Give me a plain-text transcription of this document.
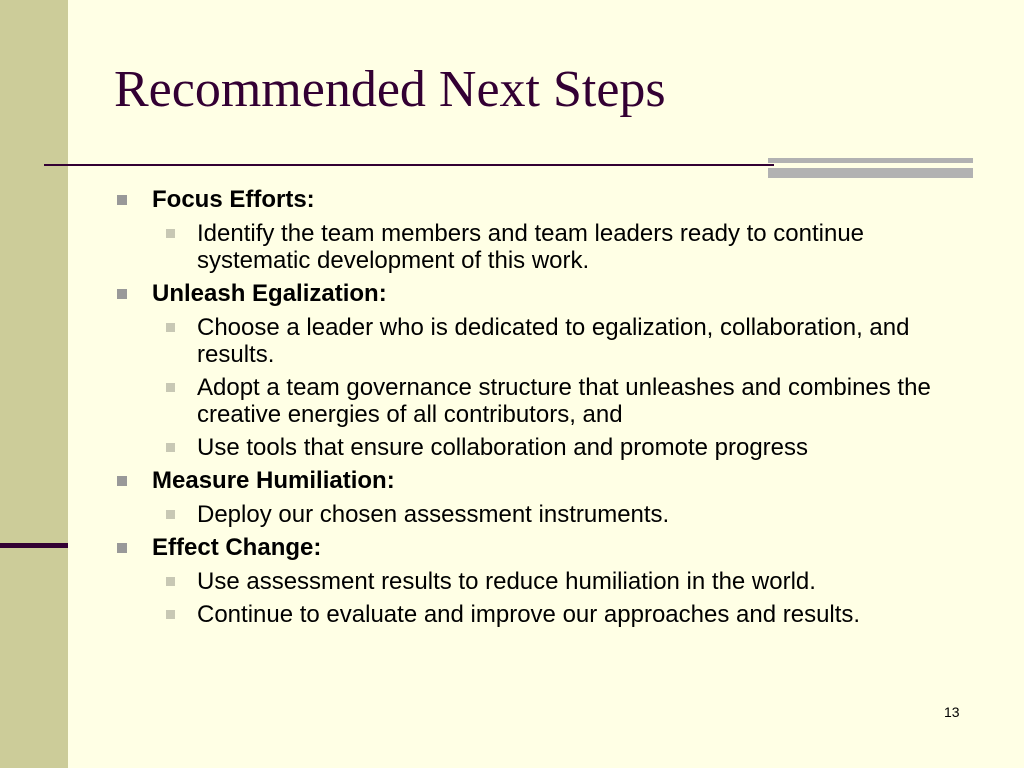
Recommended Next Steps
Focus Efforts:
Identify the team members and team leaders ready to continue systematic development of this work.
Unleash Egalization:
Choose a leader who is dedicated to egalization, collaboration, and results.
Adopt a team governance structure that unleashes and combines the creative energies of all contributors, and
Use tools that ensure collaboration and promote progress
Measure Humiliation:
Deploy our chosen assessment instruments.
Effect Change:
Use assessment results to reduce humiliation in the world.
Continue to evaluate and improve our approaches and results.
13
